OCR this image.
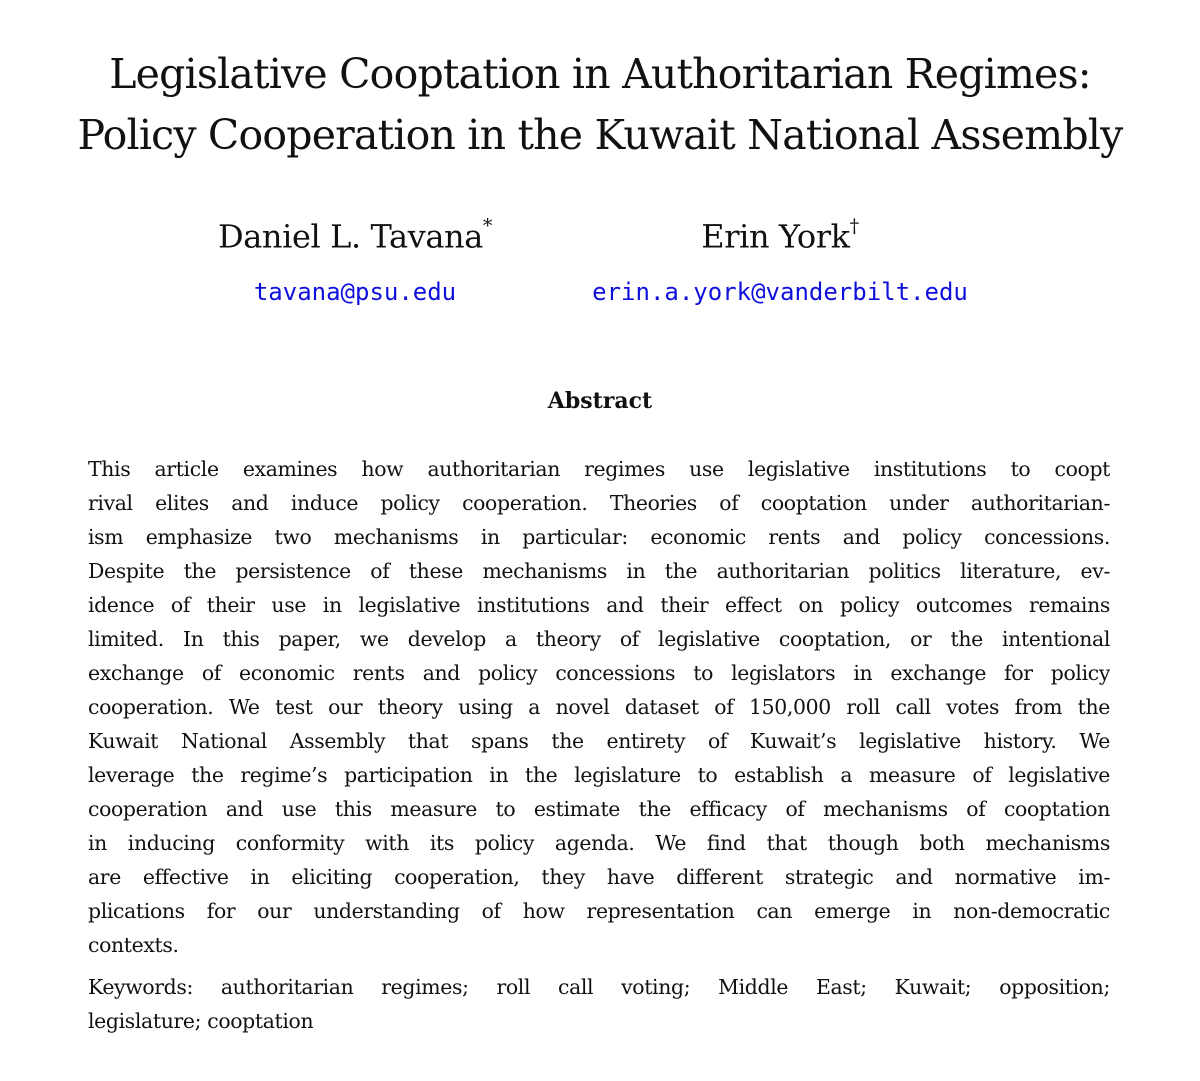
Legislative Cooptation in Authoritarian Regimes:
Policy Cooperation in the Kuwait National Assembly
Daniel L. Tavana*
tavana@psu.edu
Erin York†
erin.a.york@vanderbilt.edu
Abstract
This article examines how authoritarian regimes use legislative institutions to coopt
rival elites and induce policy cooperation. Theories of cooptation under authoritarian-
ism emphasize two mechanisms in particular: economic rents and policy concessions.
Despite the persistence of these mechanisms in the authoritarian politics literature, ev-
idence of their use in legislative institutions and their effect on policy outcomes remains
limited. In this paper, we develop a theory of legislative cooptation, or the intentional
exchange of economic rents and policy concessions to legislators in exchange for policy
cooperation. We test our theory using a novel dataset of 150,000 roll call votes from the
Kuwait National Assembly that spans the entirety of Kuwait’s legislative history. We
leverage the regime’s participation in the legislature to establish a measure of legislative
cooperation and use this measure to estimate the efficacy of mechanisms of cooptation
in inducing conformity with its policy agenda. We find that though both mechanisms
are effective in eliciting cooperation, they have different strategic and normative im-
plications for our understanding of how representation can emerge in non-democratic
contexts.
Keywords: authoritarian regimes; roll call voting; Middle East; Kuwait; opposition;
legislature; cooptation
